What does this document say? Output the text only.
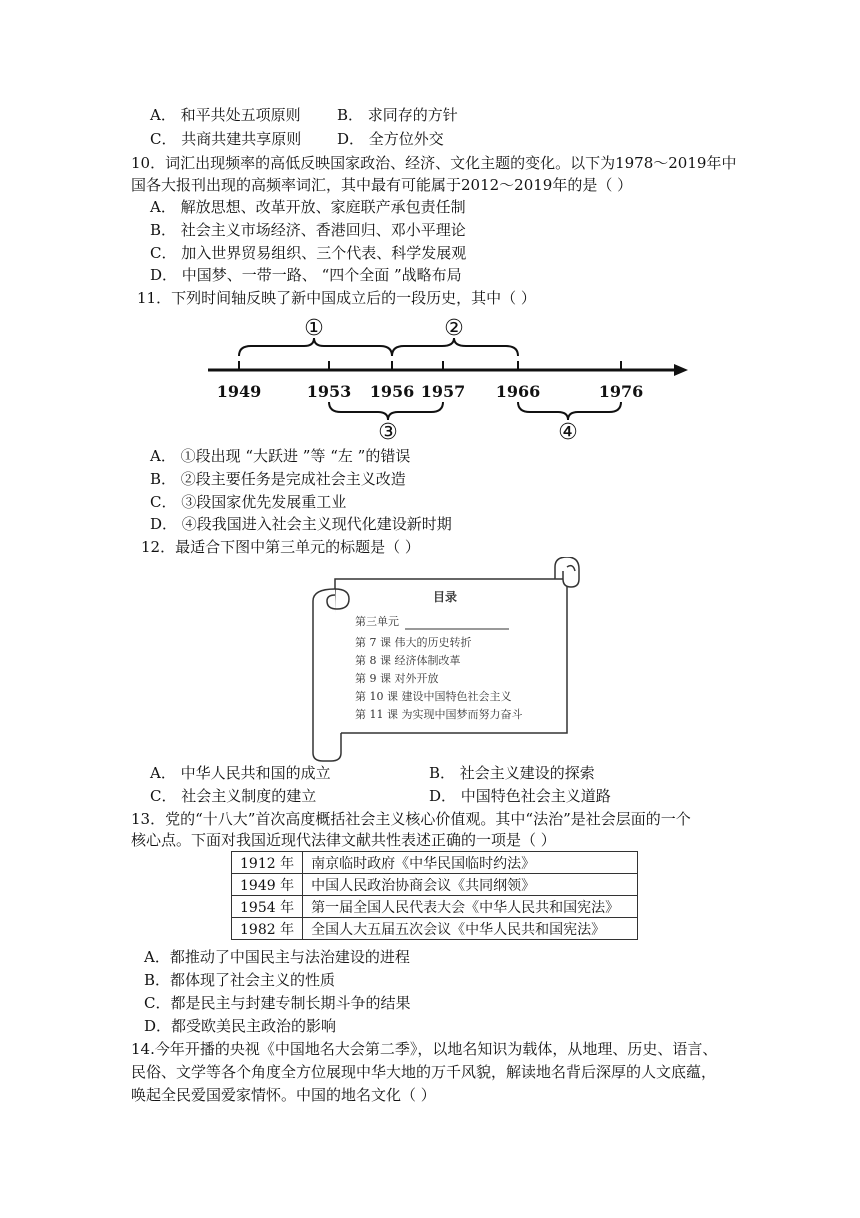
A． 和平共处五项原则 B． 求同存的方针
C． 共商共建共享原则 D． 全方位外交
10．词汇出现频率的高低反映国家政治、经济、文化主题的变化。以下为1978～2019年中
国各大报刊出现的高频率词汇，其中最有可能属于2012～2019年的是（ ）
A． 解放思想、改革开放、家庭联产承包责任制
B． 社会主义市场经济、香港回归、邓小平理论
C． 加入世界贸易组织、三个代表、科学发展观
D． 中国梦、一带一路、 “四个全面 ”战略布局
11．下列时间轴反映了新中国成立后的一段历史，其中（ ）
1949	1953 1956 1957 1966	1976
①	②
③	④
A． ①段出现 “大跃进 ”等 “左 ”的错误
B． ②段主要任务是完成社会主义改造
C． ③段国家优先发展重工业
D． ④段我国进入社会主义现代化建设新时期
12．最适合下图中第三单元的标题是（ ）
目录
第三单元
第 7 课 伟大的历史转折
第 8 课 经济体制改革
第 9 课 对外开放
第 10 课 建设中国特色社会主义
第 11 课 为实现中国梦而努力奋斗
A． 中华人民共和国的成立	B． 社会主义建设的探索
C． 社会主义制度的建立	D． 中国特色社会主义道路
13．党的“十八大”首次高度概括社会主义核心价值观。其中“法治”是社会层面的一个
核心点。下面对我国近现代法律文献共性表述正确的一项是（ ）
1912 年	南京临时政府《中华民国临时约法》
1949 年	中国人民政治协商会议《共同纲领》
1954 年	第一届全国人民代表大会《中华人民共和国宪法》
1982 年	全国人大五届五次会议《中华人民共和国宪法》
A．都推动了中国民主与法治建设的进程
B．都体现了社会主义的性质
C．都是民主与封建专制长期斗争的结果
D．都受欧美民主政治的影响
14.今年开播的央视《中国地名大会第二季》，以地名知识为载体，从地理、历史、语言、
民俗、文学等各个角度全方位展现中华大地的万千风貌，解读地名背后深厚的人文底蕴，
唤起全民爱国爱家情怀。中国的地名文化（ ）
